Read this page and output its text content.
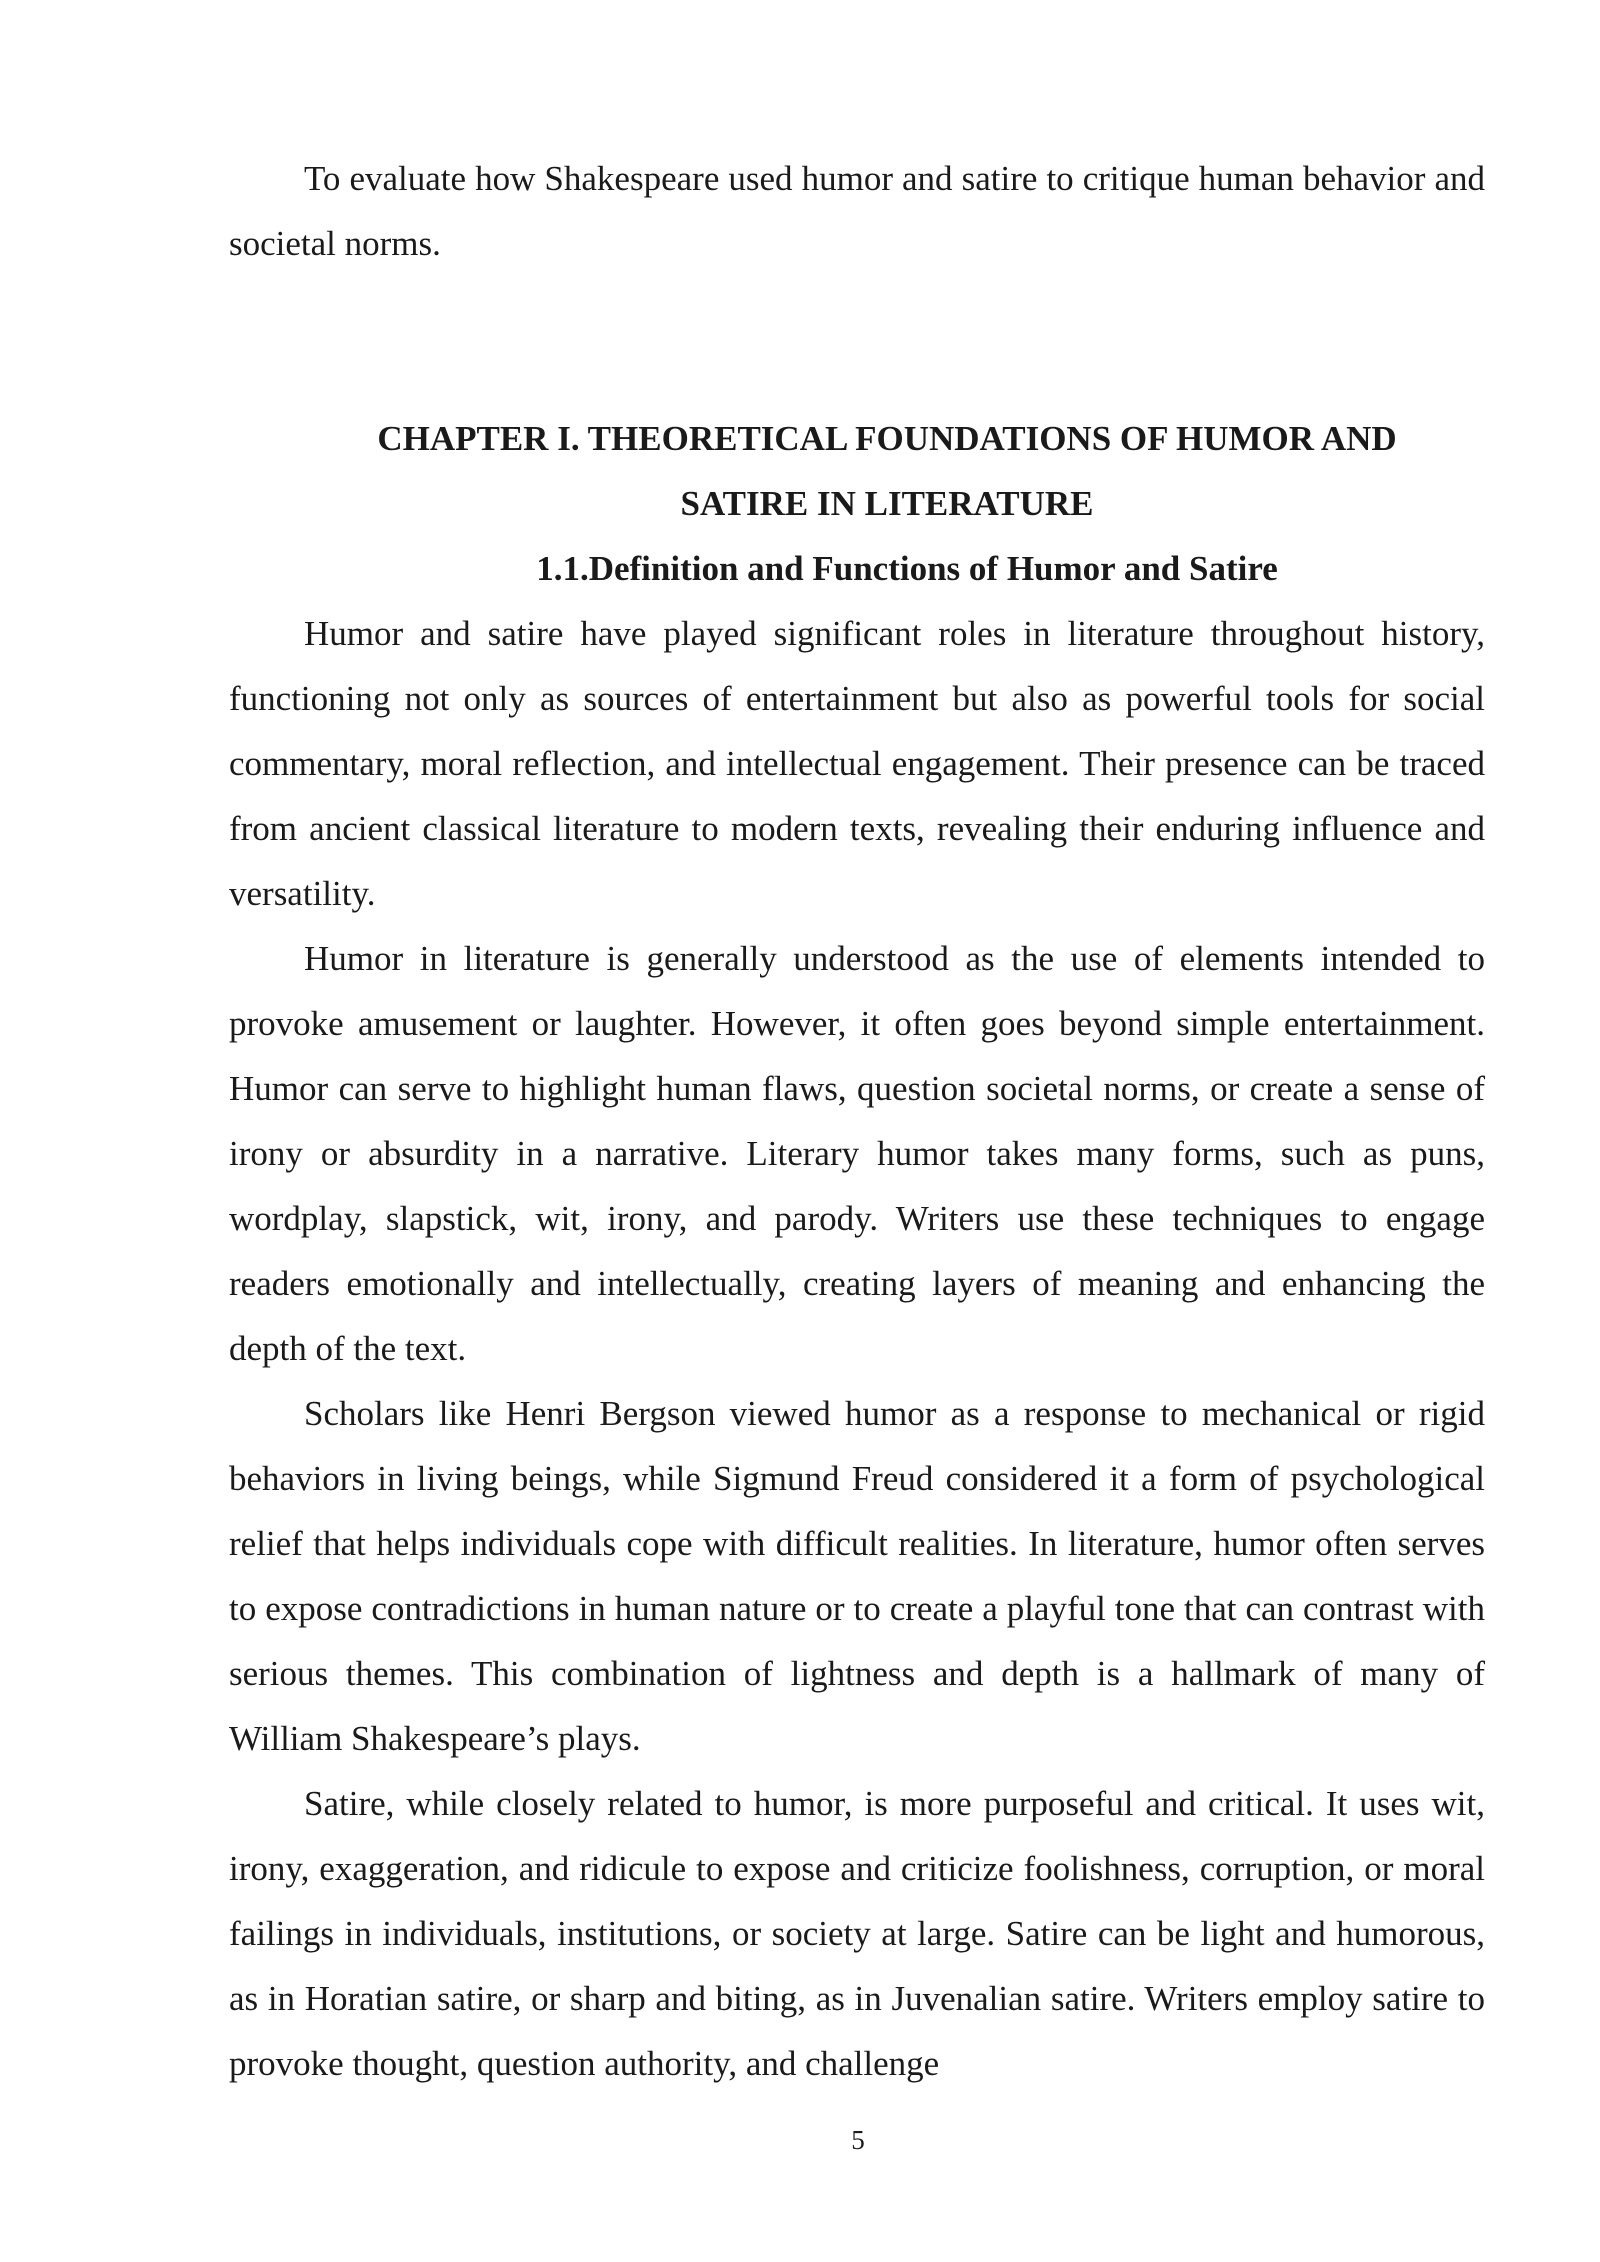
To evaluate how Shakespeare used humor and satire to critique human behavior and societal norms.

CHAPTER I. THEORETICAL FOUNDATIONS OF HUMOR AND SATIRE IN LITERATURE

1.1.Definition and Functions of Humor and Satire

Humor and satire have played significant roles in literature throughout history, functioning not only as sources of entertainment but also as powerful tools for social commentary, moral reflection, and intellectual engagement. Their presence can be traced from ancient classical literature to modern texts, revealing their enduring influence and versatility.

Humor in literature is generally understood as the use of elements intended to provoke amusement or laughter. However, it often goes beyond simple entertainment. Humor can serve to highlight human flaws, question societal norms, or create a sense of irony or absurdity in a narrative. Literary humor takes many forms, such as puns, wordplay, slapstick, wit, irony, and parody. Writers use these techniques to engage readers emotionally and intellectually, creating layers of meaning and enhancing the depth of the text.

Scholars like Henri Bergson viewed humor as a response to mechanical or rigid behaviors in living beings, while Sigmund Freud considered it a form of psychological relief that helps individuals cope with difficult realities. In literature, humor often serves to expose contradictions in human nature or to create a playful tone that can contrast with serious themes. This combination of lightness and depth is a hallmark of many of William Shakespeare’s plays.

Satire, while closely related to humor, is more purposeful and critical. It uses wit, irony, exaggeration, and ridicule to expose and criticize foolishness, corruption, or moral failings in individuals, institutions, or society at large. Satire can be light and humorous, as in Horatian satire, or sharp and biting, as in Juvenalian satire. Writers employ satire to provoke thought, question authority, and challenge

5
